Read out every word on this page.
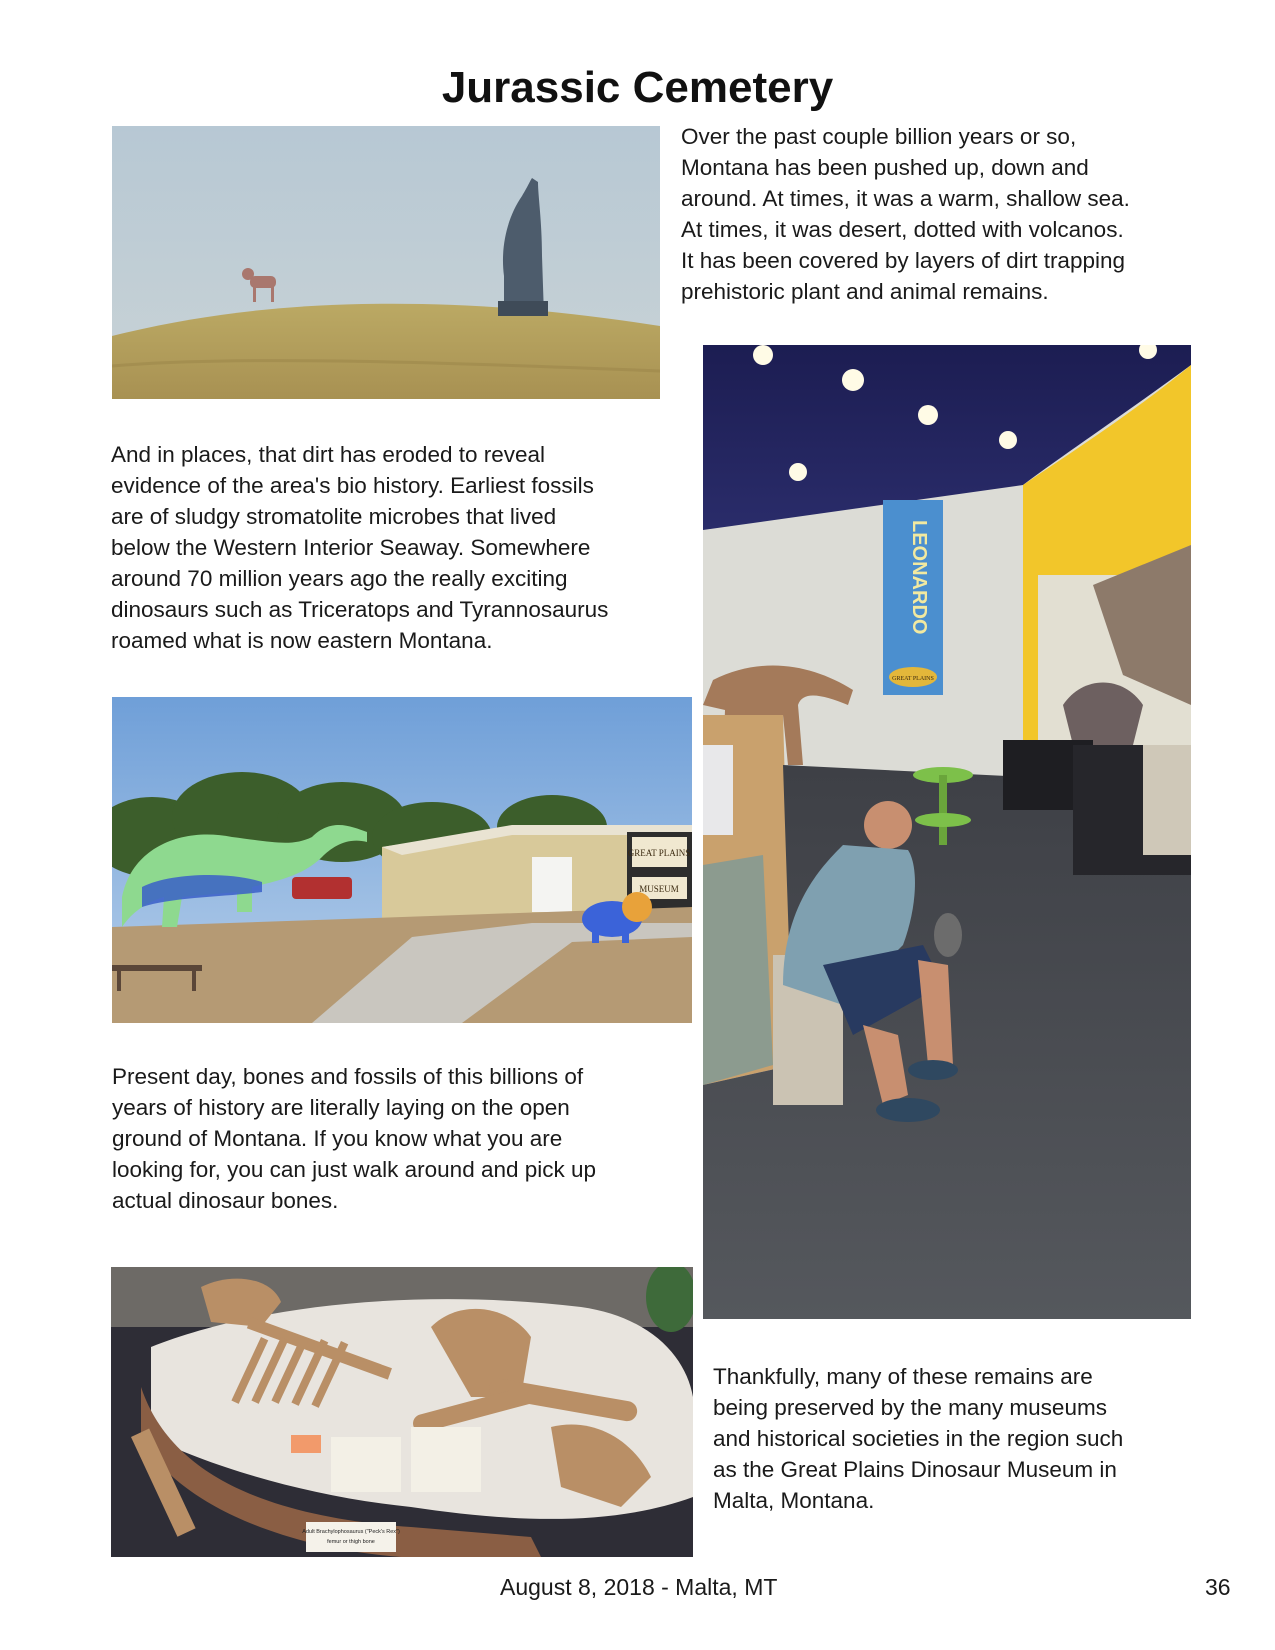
Jurassic Cemetery
Over the past couple billion years or so,
Montana has been pushed up, down and
around. At times, it was a warm, shallow sea.
At times, it was desert, dotted with volcanos.
It has been covered by layers of dirt trapping
prehistoric plant and animal remains.
And in places, that dirt has eroded to reveal
evidence of the area's bio history. Earliest fossils
are of sludgy stromatolite microbes that lived
below the Western Interior Seaway. Somewhere
around 70 million years ago the really exciting
dinosaurs such as Triceratops and Tyrannosaurus
roamed what is now eastern Montana.
GREAT PLAINS
MUSEUM
Present day, bones and fossils of this billions of
years of history are literally laying on the open
ground of Montana. If you know what you are
looking for, you can just walk around and pick up
actual dinosaur bones.
LEONARDO
GREAT PLAINS
Thankfully, many of these remains are
being preserved by the many museums
and historical societies in the region such
as the Great Plains Dinosaur Museum in
Malta, Montana.
Adult Brachylophosaurus ("Peck's Rex")
femur or thigh bone
August 8, 2018 - Malta, MT	36
